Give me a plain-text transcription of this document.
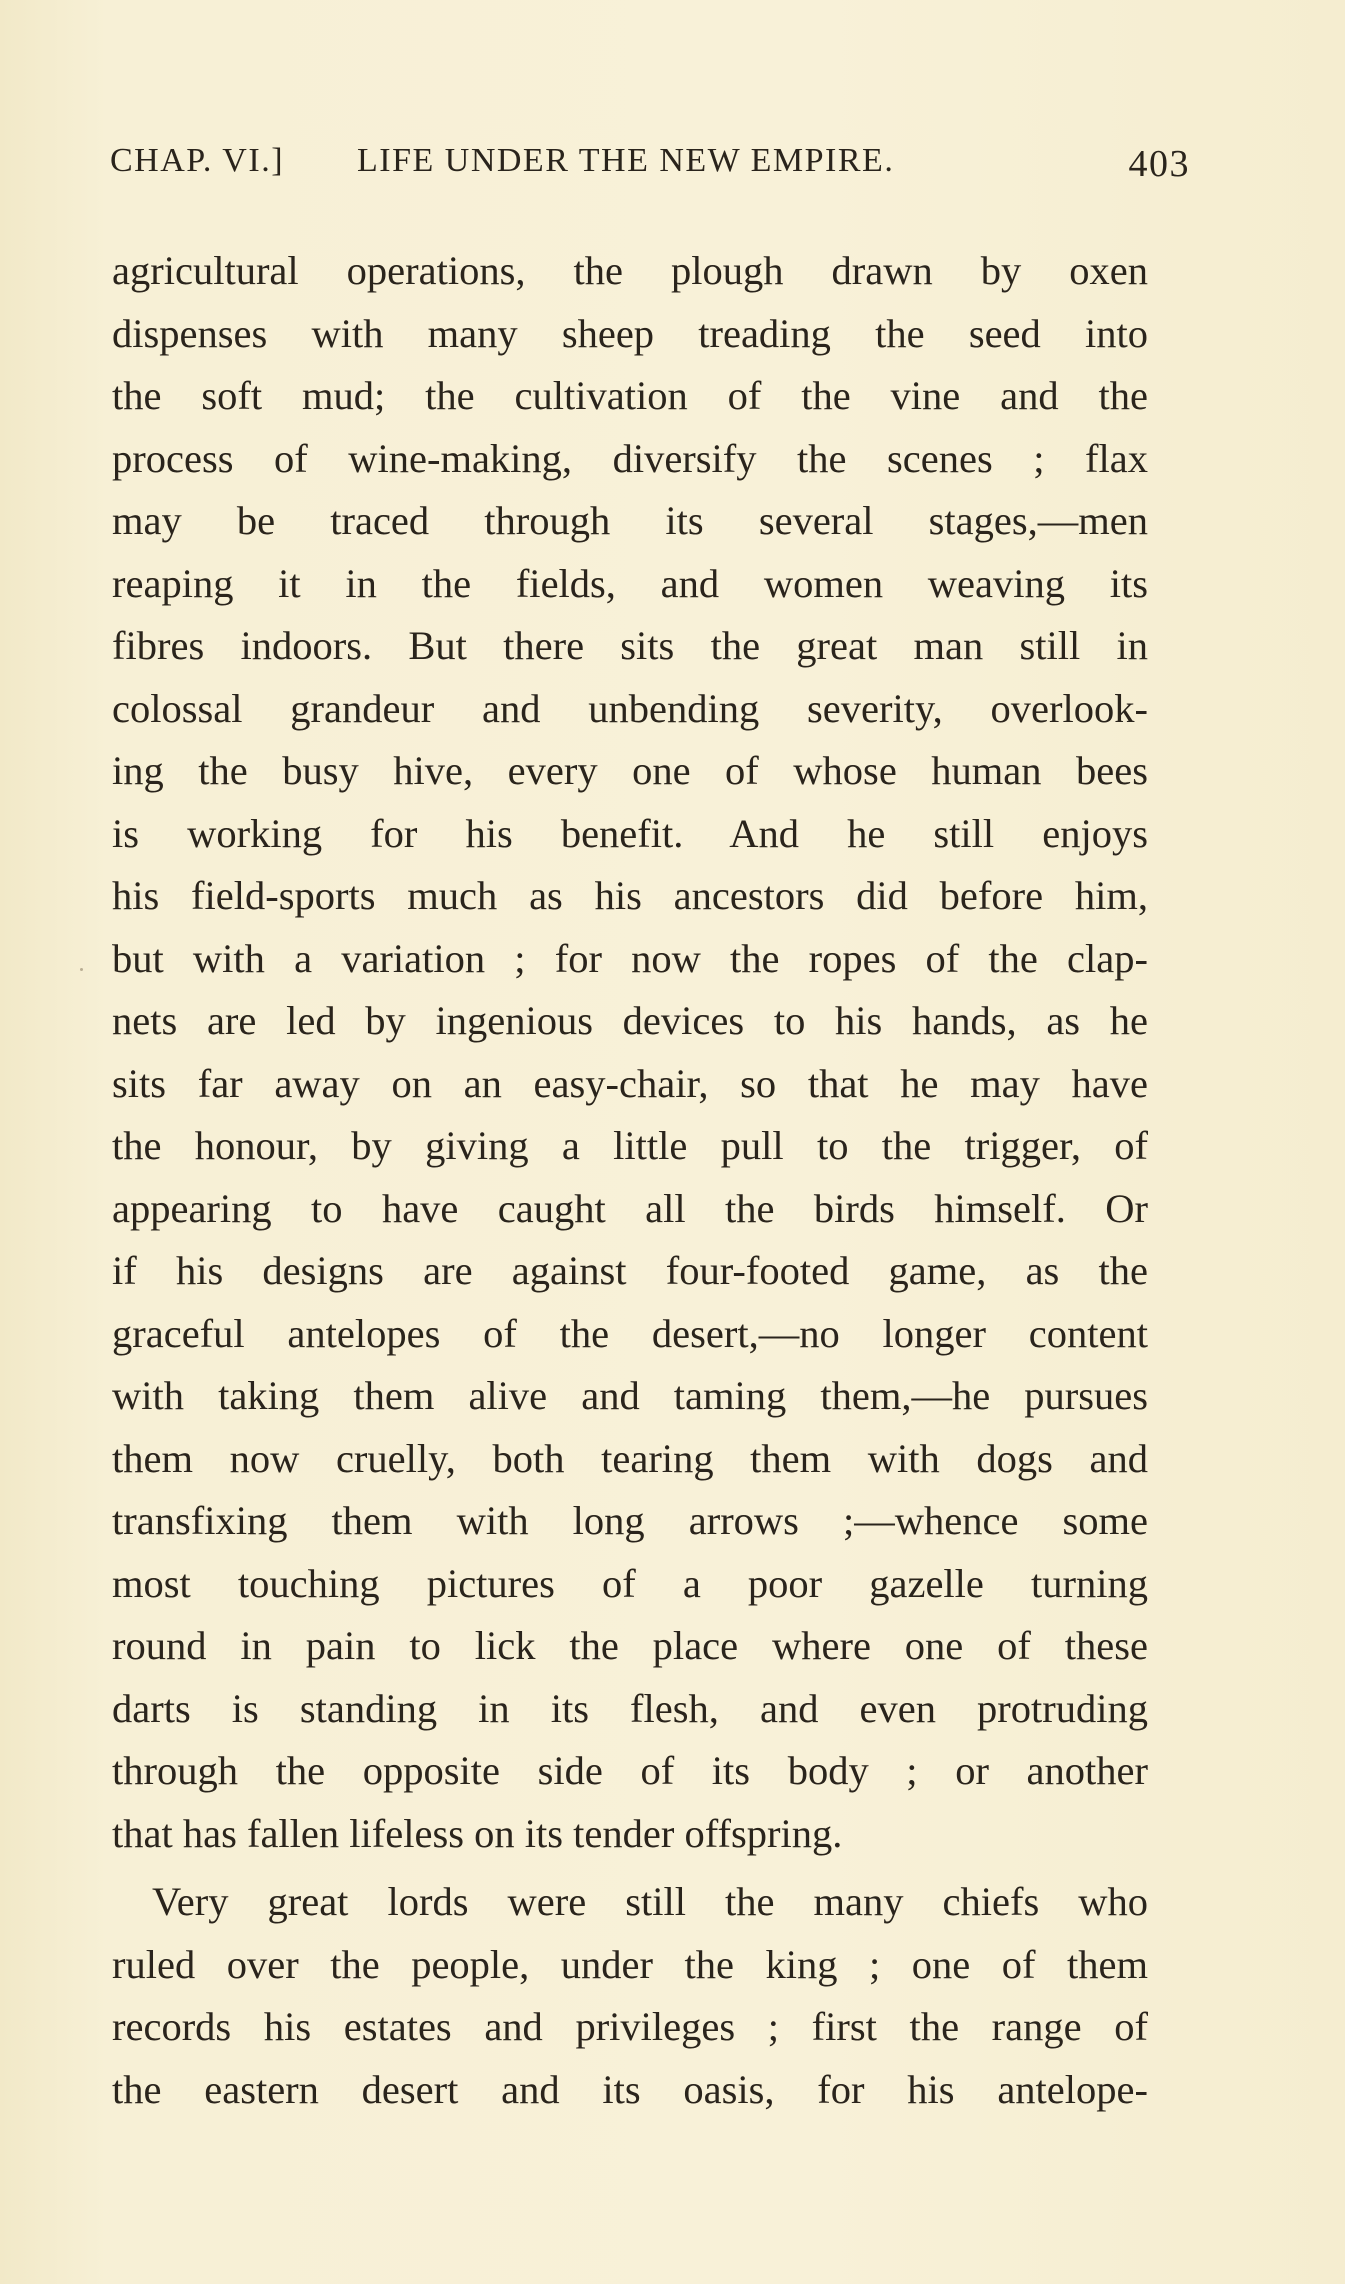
CHAP. VI.] LIFE UNDER THE NEW EMPIRE.	403
agricultural operations, the plough drawn by oxen
dispenses with many sheep treading the seed into
the soft mud; the cultivation of the vine and the
process of wine-making, diversify the scenes ; flax
may be traced through its several stages,—men
reaping it in the fields, and women weaving its
fibres indoors. But there sits the great man still in
colossal grandeur and unbending severity, overlook-
ing the busy hive, every one of whose human bees
is working for his benefit. And he still enjoys
his field-sports much as his ancestors did before him,
but with a variation ; for now the ropes of the clap-
nets are led by ingenious devices to his hands, as he
sits far away on an easy-chair, so that he may have
the honour, by giving a little pull to the trigger, of
appearing to have caught all the birds himself. Or
if his designs are against four-footed game, as the
graceful antelopes of the desert,—no longer content
with taking them alive and taming them,—he pursues
them now cruelly, both tearing them with dogs and
transfixing them with long arrows ;—whence some
most touching pictures of a poor gazelle turning
round in pain to lick the place where one of these
darts is standing in its flesh, and even protruding
through the opposite side of its body ; or another
that has fallen lifeless on its tender offspring.
Very great lords were still the many chiefs who
ruled over the people, under the king ; one of them
records his estates and privileges ; first the range of
the eastern desert and its oasis, for his antelope-
